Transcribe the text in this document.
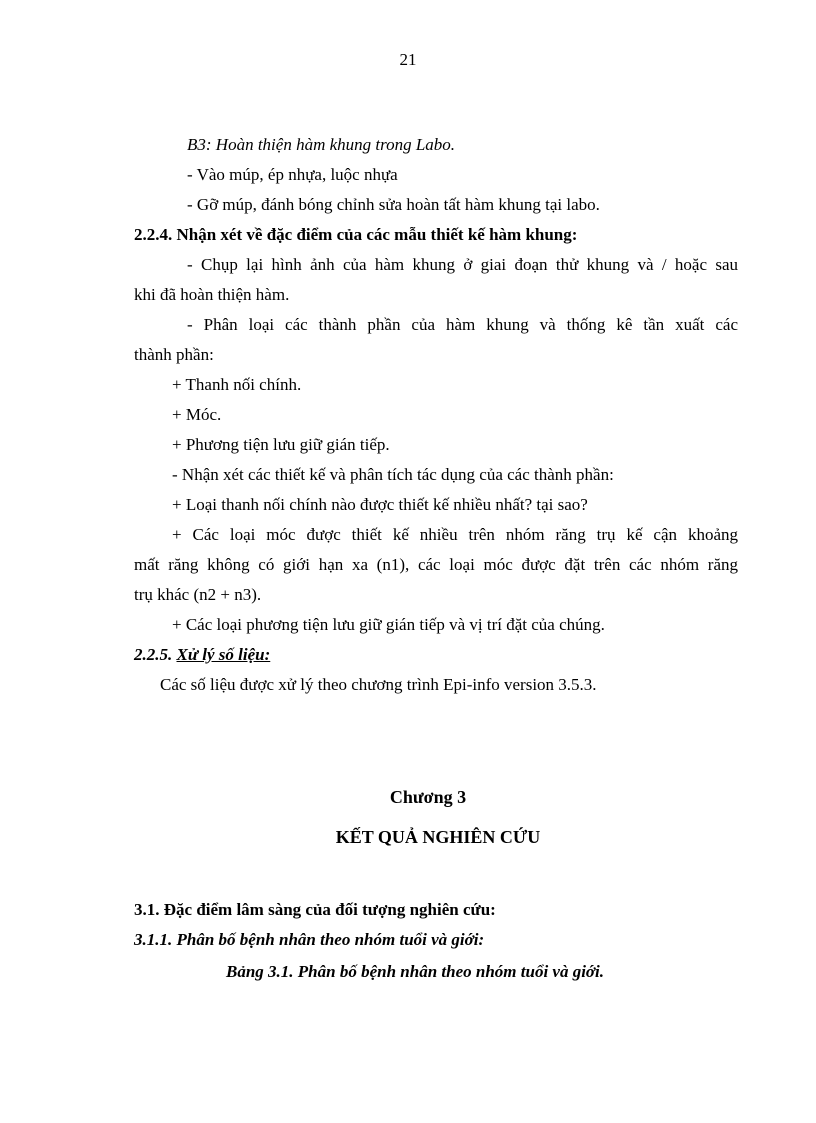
21
B3: Hoàn thiện hàm khung trong Labo.
- Vào múp, ép nhựa, luộc nhựa
- Gỡ múp, đánh bóng chỉnh sửa hoàn tất hàm khung tại labo.
2.2.4. Nhận xét về đặc điểm của các mẫu thiết kế hàm khung:
- Chụp lại hình ảnh của hàm khung ở giai đoạn thử khung và / hoặc sau
khi đã hoàn thiện hàm.
- Phân loại các thành phần của hàm khung và thống kê tần xuất các
thành phần:
+ Thanh nối chính.
+ Móc.
+ Phương tiện lưu giữ gián tiếp.
- Nhận xét các thiết kế và phân tích tác dụng của các thành phần:
+ Loại thanh nối chính nào được thiết kế nhiều nhất? tại sao?
+ Các loại móc được thiết kế nhiều trên nhóm răng trụ kế cận khoảng
mất răng không có giới hạn xa (n1), các loại móc được đặt trên các nhóm răng
trụ khác (n2 + n3).
+ Các loại phương tiện lưu giữ gián tiếp và vị trí đặt của chúng.
2.2.5. Xử lý số liệu:
Các số liệu được xử lý theo chương trình Epi-info version 3.5.3.
Chương 3
KẾT QUẢ NGHIÊN CỨU
3.1. Đặc điểm lâm sàng của đối tượng nghiên cứu:
3.1.1. Phân bố bệnh nhân theo nhóm tuổi và giới:
Bảng 3.1. Phân bố bệnh nhân theo nhóm tuổi và giới.
